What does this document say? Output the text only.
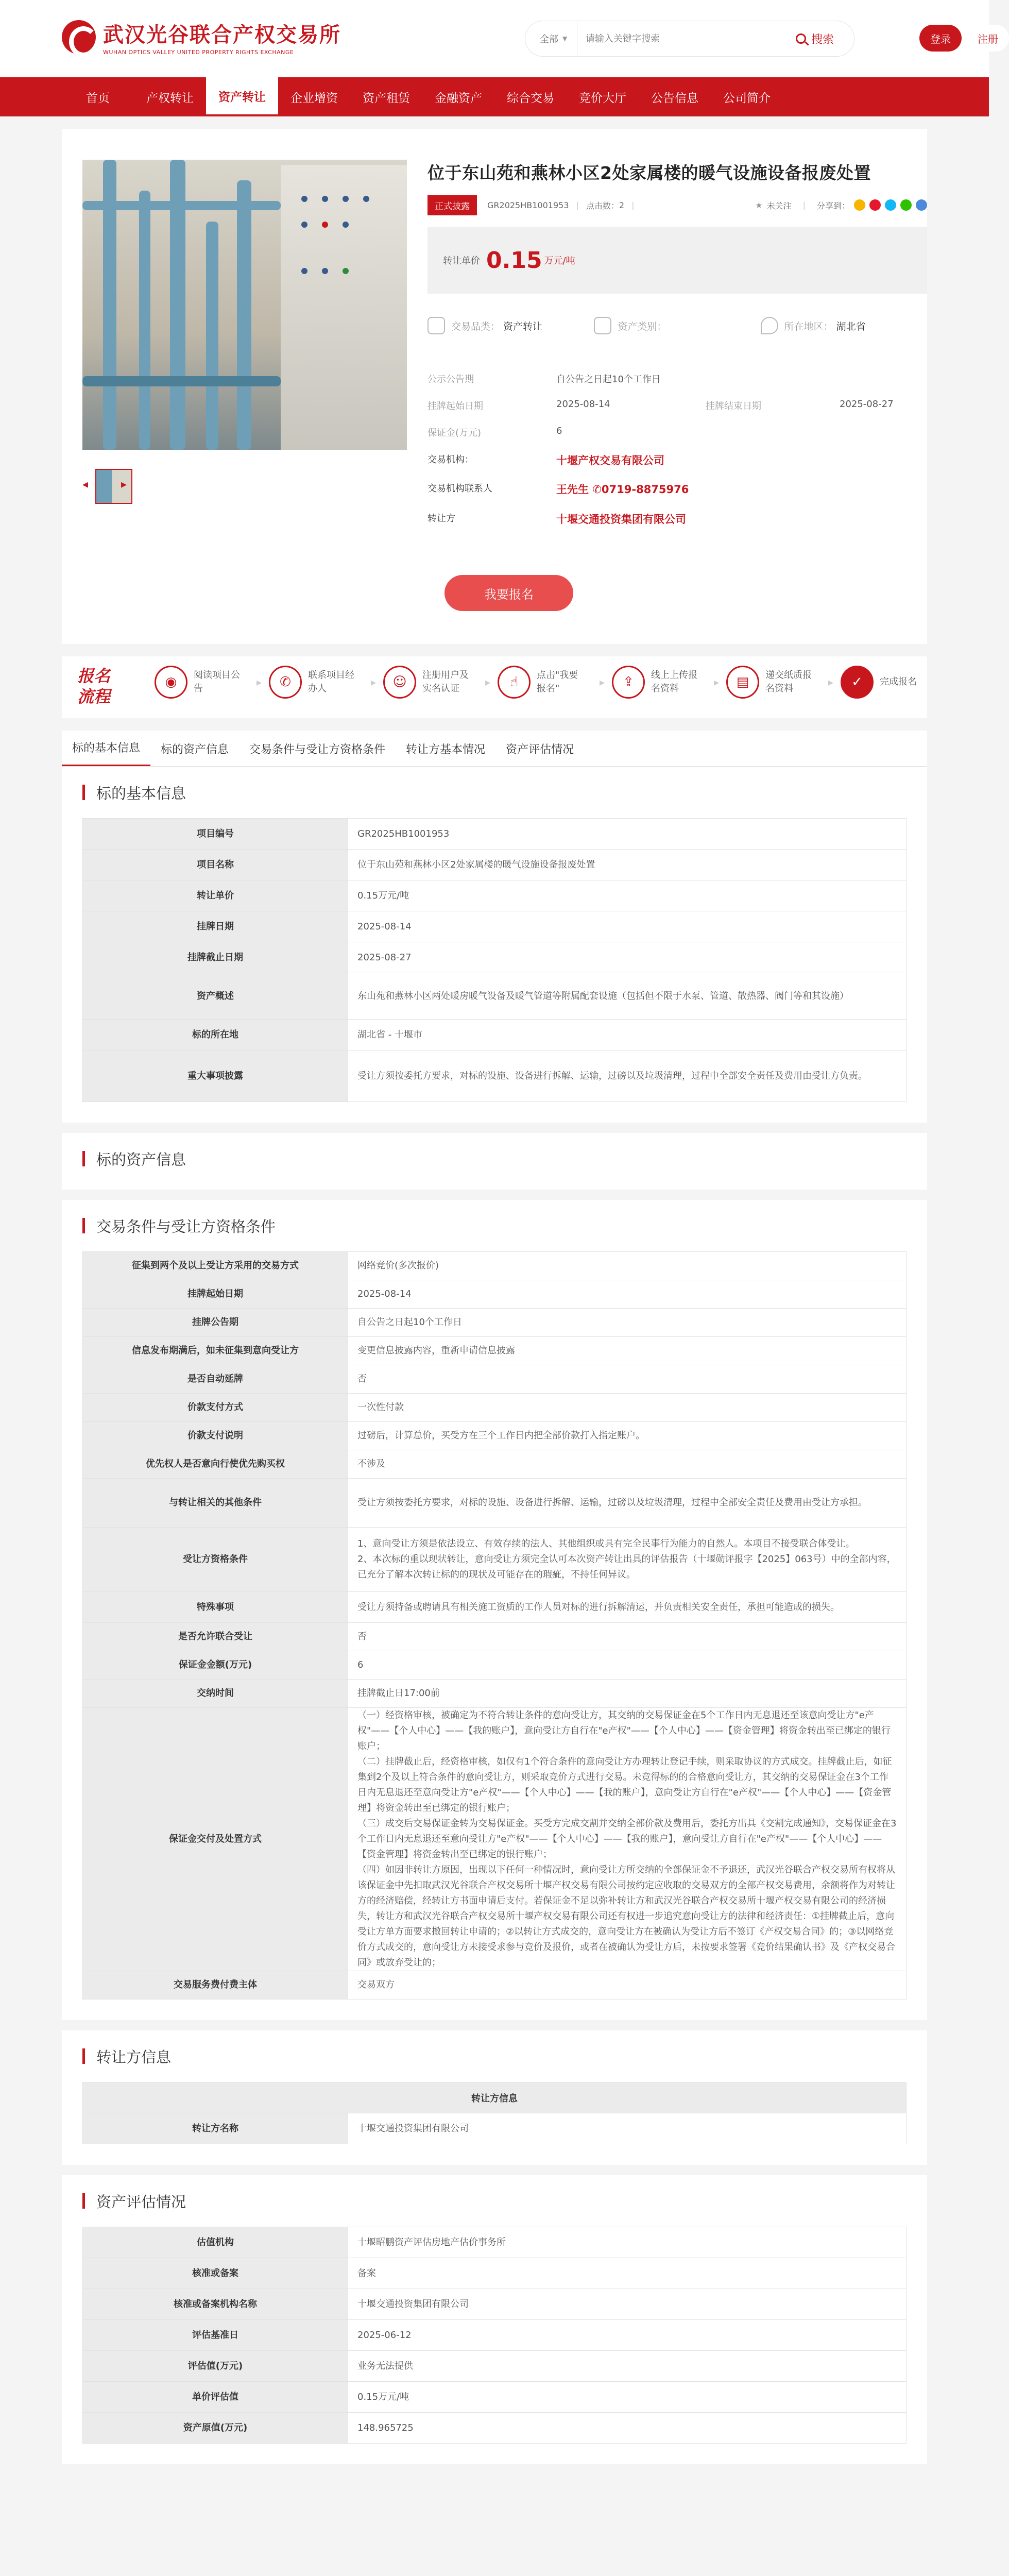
武汉光谷联合产权交易所
WUHAN OPTICS VALLEY UNITED PROPERTY RIGHTS EXCHANGE
全部 ▼
请输入关键字搜索	搜索	登录	注册
首页	产权转让	资产转让	企业增资	资产租赁	金融资产	综合交易	竞价大厅	公告信息	公司简介
◂	▸
位于东山苑和燕林小区2处家属楼的暖气设施设备报废处置
正式披露	GR2025HB1001953 | 点击数： 2 |	★ 未关注 | 分享到：
转让单价 0.15 万元/吨
交易品类： 资产转让	资产类别：	所在地区： 湖北省
公示公告期	自公告之日起10个工作日
挂牌起始日期	2025-08-14	挂牌结束日期	2025-08-27
保证金(万元)	6
交易机构：	十堰产权交易有限公司
交易机构联系人	王先生 ✆0719-8875976
转让方	十堰交通投资集团有限公司
我要报名
报名
流程
◉	阅读项目公告
▸	✆	联系项目经办人
▸	☺	注册用户及实名认证
▸	☝	点击"我要报名"
▸	⇪	线上上传报名资料
▸	▤	递交纸质报名资料
▸	✓	完成报名
标的基本信息	标的资产信息	交易条件与受让方资格条件	转让方基本情况	资产评估情况
标的基本信息
项目编号	GR2025HB1001953
项目名称	位于东山苑和燕林小区2处家属楼的暖气设施设备报废处置
转让单价	0.15万元/吨
挂牌日期	2025-08-14
挂牌截止日期	2025-08-27
资产概述	东山苑和燕林小区两处暖房暖气设备及暖气管道等附属配套设施（包括但不限于水泵、管道、散热器、阀门等和其设施）
标的所在地	湖北省 - 十堰市
重大事项披露	受让方须按委托方要求，对标的设施、设备进行拆解、运输，过磅以及垃圾清理，过程中全部安全责任及费用由受让方负责。
标的资产信息
交易条件与受让方资格条件
征集到两个及以上受让方采用的交易方式	网络竞价(多次报价)
挂牌起始日期	2025-08-14
挂牌公告期	自公告之日起10个工作日
信息发布期满后，如未征集到意向受让方	变更信息披露内容，重新申请信息披露
是否自动延牌	否
价款支付方式	一次性付款
价款支付说明	过磅后，计算总价，买受方在三个工作日内把全部价款打入指定账户。
优先权人是否意向行使优先购买权	不涉及
与转让相关的其他条件	受让方须按委托方要求，对标的设施、设备进行拆解、运输，过磅以及垃圾清理，过程中全部安全责任及费用由受让方承担。
受让方资格条件	1、意向受让方须是依法设立、有效存续的法人、其他组织或具有完全民事行为能力的自然人。本项目不接受联合体受让。
2、本次标的重以现状转让，意向受让方须完全认可本次资产转让出具的评估报告（十堰勋评报字【2025】063号）中的全部内容，已充分了解本次转让标的的现状及可能存在的瑕疵，不持任何异议。
特殊事项	受让方须持备或聘请具有相关施工资质的工作人员对标的进行拆解清运，并负责相关安全责任，承担可能造成的损失。
是否允许联合受让	否
保证金金额(万元)	6
交纳时间	挂牌截止日17:00前
保证金交付及处置方式	（一）经资格审核，被确定为不符合转让条件的意向受让方，其交纳的交易保证金在5个工作日内无息退还至该意向受让方"e产权"——【个人中心】——【我的账户】，意向受让方自行在"e产权"——【个人中心】——【资金管理】将资金转出至已绑定的银行账户；
（二）挂牌截止后，经资格审核，如仅有1个符合条件的意向受让方办理转让登记手续，则采取协议的方式成交。挂牌截止后，如征集到2个及以上符合条件的意向受让方，则采取竞价方式进行交易。未竞得标的的合格意向受让方，其交纳的交易保证金在3个工作日内无息退还至意向受让方"e产权"——【个人中心】——【我的账户】，意向受让方自行在"e产权"——【个人中心】——【资金管理】将资金转出至已绑定的银行账户；
（三）成交后交易保证金转为交易保证金。买受方完成交割并交纳全部价款及费用后，委托方出具《交割完成通知》，交易保证金在3个工作日内无息退还至意向受让方"e产权"——【个人中心】——【我的账户】，意向受让方自行在"e产权"——【个人中心】——【资金管理】将资金转出至已绑定的银行账户；
（四）如因非转让方原因，出现以下任何一种情况时，意向受让方所交纳的全部保证金不予退还，武汉光谷联合产权交易所有权将从该保证金中先扣取武汉光谷联合产权交易所十堰产权交易有限公司按约定应收取的交易双方的全部产权交易费用，余额将作为对转让方的经济赔偿，经转让方书面申请后支付。若保证金不足以弥补转让方和武汉光谷联合产权交易所十堰产权交易有限公司的经济损失，转让方和武汉光谷联合产权交易所十堰产权交易有限公司还有权进一步追究意向受让方的法律和经济责任：①挂牌截止后，意向受让方单方面要求撤回转让申请的；②以转让方式成交的，意向受让方在被确认为受让方后不签订《产权交易合同》的；③以网络竞价方式成交的，意向受让方未接受求参与竞价及报价，或者在被确认为受让方后，未按要求签署《竞价结果确认书》及《产权交易合同》或放弃受让的；
交易服务费付费主体	交易双方
转让方信息
转让方信息
转让方名称	十堰交通投资集团有限公司
资产评估情况
估值机构	十堰昭鹏资产评估房地产估价事务所
核准或备案	备案
核准或备案机构名称	十堰交通投资集团有限公司
评估基准日	2025-06-12
评估值(万元)	业务无法提供
单价评估值	0.15万元/吨
资产原值(万元)	148.965725
